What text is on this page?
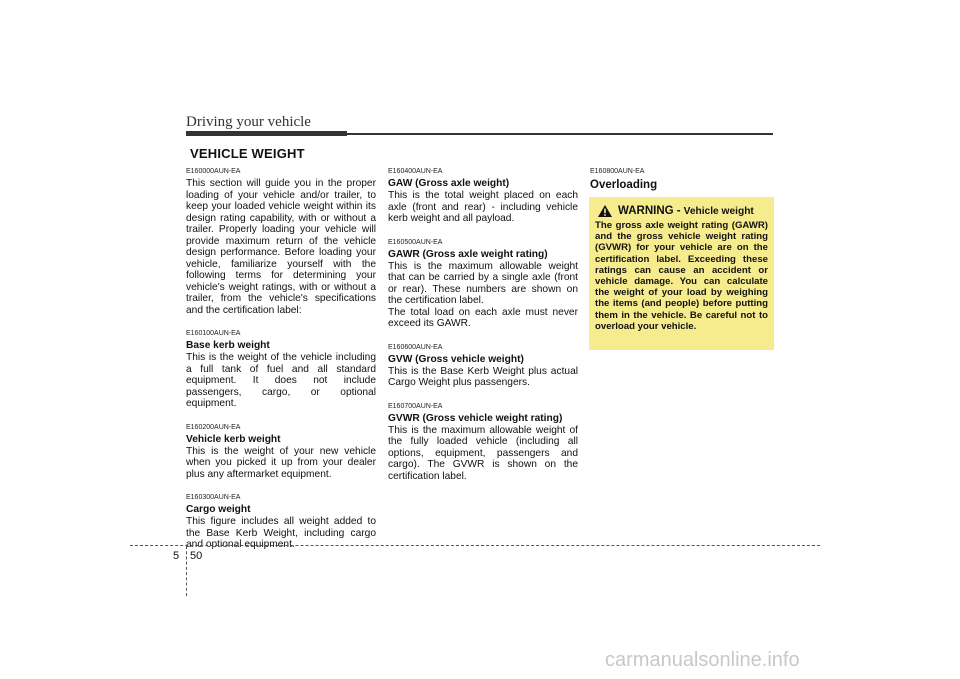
Driving your vehicle
VEHICLE WEIGHT
E160000AUN-EA

This section will guide you in the proper loading of your vehicle and/or trailer, to keep your loaded vehicle weight within its design rating capability, with or without a trailer. Properly loading your vehicle will provide maximum return of the vehicle design performance. Before loading your vehicle, familiarize yourself with the following terms for determining your vehicle's weight ratings, with or without a trailer, from the vehicle's specifications and the certification label:

E160100AUN-EA
Base kerb weight

This is the weight of the vehicle including a full tank of fuel and all standard equipment. It does not include passengers, cargo, or optional equipment.

E160200AUN-EA
Vehicle kerb weight

This is the weight of your new vehicle when you picked it up from your dealer plus any aftermarket equipment.

E160300AUN-EA
Cargo weight

This figure includes all weight added to the Base Kerb Weight, including cargo and optional equipment.

E160400AUN-EA
GAW (Gross axle weight)

This is the total weight placed on each axle (front and rear) - including vehicle kerb weight and all payload.

E160500AUN-EA
GAWR (Gross axle weight rating)

This is the maximum allowable weight that can be carried by a single axle (front or rear). These numbers are shown on the certification label.

The total load on each axle must never exceed its GAWR.

E160600AUN-EA
GVW (Gross vehicle weight)

This is the Base Kerb Weight plus actual Cargo Weight plus passengers.

E160700AUN-EA
GVWR (Gross vehicle weight rating)

This is the maximum allowable weight of the fully loaded vehicle (including all options, equipment, passengers and cargo). The GVWR is shown on the certification label.

E160800AUN-EA
Overloading
WARNING - Vehicle weight
The gross axle weight rating (GAWR) and the gross vehicle weight rating (GVWR) for your vehicle are on the certification label. Exceeding these ratings can cause an accident or vehicle damage. You can calculate the weight of your load by weighing the items (and people) before putting them in the vehicle. Be careful not to overload your vehicle.
5 50
carmanualsonline.info
